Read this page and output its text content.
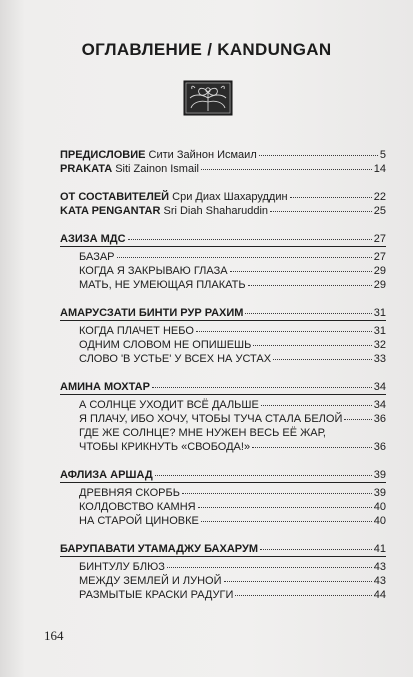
ОГЛАВЛЕНИЕ / KANDUNGAN
ПРЕДИСЛОВИЕ Сити Зайнон Исмаил	5
PRAKATA Siti Zainon Ismail	14
ОТ СОСТАВИТЕЛЕЙ Сри Диах Шахаруддин	22
KATA PENGANTAR Sri Diah Shaharuddin	25
АЗИЗА МДС	27
БАЗАР	27
КОГДА Я ЗАКРЫВАЮ ГЛАЗА	29
МАТЬ, НЕ УМЕЮЩАЯ ПЛАКАТЬ	29
АМАРУСЗАТИ БИНТИ РУР РАХИМ	31
КОГДА ПЛАЧЕТ НЕБО	31
ОДНИМ СЛОВОМ НЕ ОПИШЕШЬ	32
СЛОВО 'В УСТЬЕ' У ВСЕХ НА УСТАХ	33
АМИНА МОХТАР	34
А СОЛНЦЕ УХОДИТ ВСЁ ДАЛЬШЕ	34
Я ПЛАЧУ, ИБО ХОЧУ, ЧТОБЫ ТУЧА СТАЛА БЕЛОЙ	36
ГДЕ ЖЕ СОЛНЦЕ? МНЕ НУЖЕН ВЕСЬ ЕЁ ЖАР,
ЧТОБЫ КРИКНУТЬ «СВОБОДА!»	36
АФЛИЗА АРШАД	39
ДРЕВНЯЯ СКОРБЬ	39
КОЛДОВСТВО КАМНЯ	40
НА СТАРОЙ ЦИНОВКЕ	40
БАРУПАВАТИ УТАМАДЖУ БАХАРУМ	41
БИНТУЛУ БЛЮЗ	43
МЕЖДУ ЗЕМЛЕЙ И ЛУНОЙ	43
РАЗМЫТЫЕ КРАСКИ РАДУГИ	44
164
